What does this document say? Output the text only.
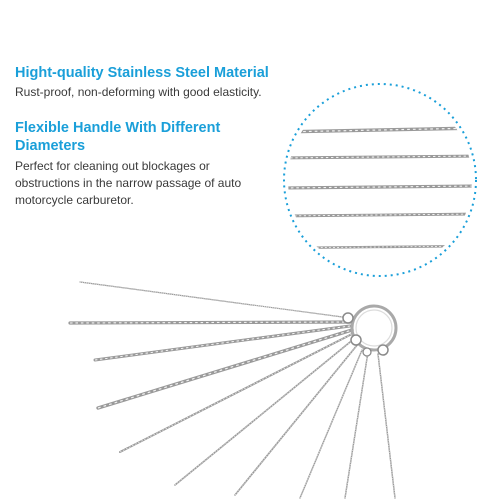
Hight-quality Stainless Steel Material

Rust-proof, non-deforming with good elasticity.

Flexible Handle With Different Diameters

Perfect for cleaning out blockages or obstructions in the narrow passage of auto motorcycle carburetor.
